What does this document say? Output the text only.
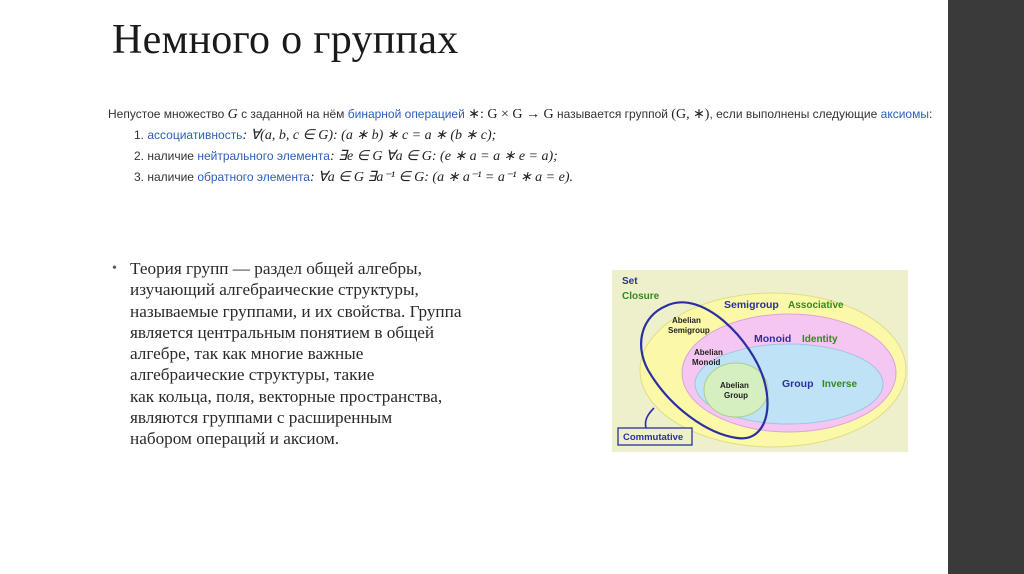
Немного о группах
Непустое множество G с заданной на нём бинарной операцией ∗: G × G → G называется группой (G, ∗), если выполнены следующие аксиомы:
1. ассоциативность: ∀(a, b, c ∈ G): (a ∗ b) ∗ c = a ∗ (b ∗ c);
2. наличие нейтрального элемента: ∃e ∈ G ∀a ∈ G: (e ∗ a = a ∗ e = a);
3. наличие обратного элемента: ∀a ∈ G ∃a⁻¹ ∈ G: (a ∗ a⁻¹ = a⁻¹ ∗ a = e).
• Теория групп — раздел общей алгебры,
изучающий алгебраические структуры,
называемые группами, и их свойства. Группа
является центральным понятием в общей
алгебре, так как многие важные
алгебраические структуры, такие
как кольца, поля, векторные пространства,
являются группами с расширенным
набором операций и аксиом.
Set
Closure
Semigroup Associative
Abelian
Semigroup
Monoid Identity
Abelian
Monoid
Group Inverse
Abelian
Group
Commutative
